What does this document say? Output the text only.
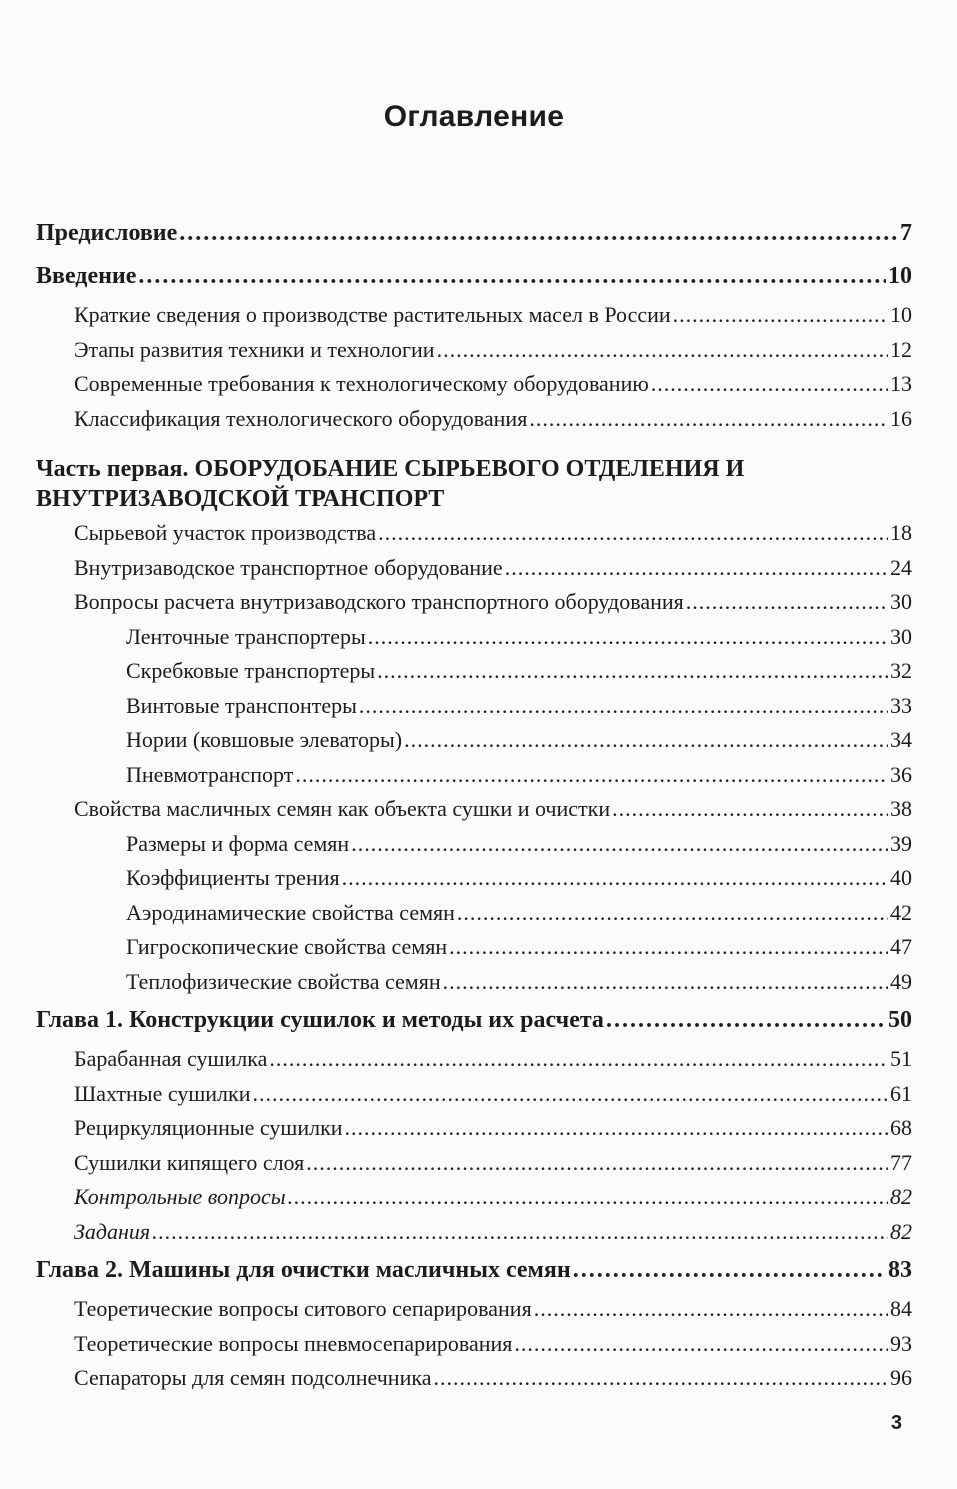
Оглавление
Предисловие .....	7
Введение .....	10
Краткие сведения о производстве растительных масел в России .....	10
Этапы развития техники и технологии .....	12
Современные требования к технологическому оборудованию .....	13
Классификация технологического оборудования .....	16
Часть первая. ОБОРУДОБАНИЕ СЫРЬЕВОГО ОТДЕЛЕНИЯ И ВНУТРИЗАВОДСКОЙ ТРАНСПОРТ
Сырьевой участок производства .....	18
Внутризаводское транспортное оборудование .....	24
Вопросы расчета внутризаводского транспортного оборудования .....	30
Ленточные транспортеры .....	30
Скребковые транспортеры .....	32
Винтовые транспонтеры .....	33
Нории (ковшовые элеваторы) .....	34
Пневмотранспорт .....	36
Свойства масличных семян как объекта сушки и очистки .....	38
Размеры и форма семян .....	39
Коэффициенты трения .....	40
Аэродинамические свойства семян .....	42
Гигроскопические свойства семян .....	47
Теплофизические свойства семян .....	49
Глава 1. Конструкции сушилок и методы их расчета .....	50
Барабанная сушилка .....	51
Шахтные сушилки .....	61
Рециркуляционные сушилки .....	68
Сушилки кипящего слоя .....	77
Контрольные вопросы .....	82
Задания .....	82
Глава 2. Машины для очистки масличных семян .....	83
Теоретические вопросы ситового сепарирования .....	84
Теоретические вопросы пневмосепарирования .....	93
Сепараторы для семян подсолнечника .....	96
3
